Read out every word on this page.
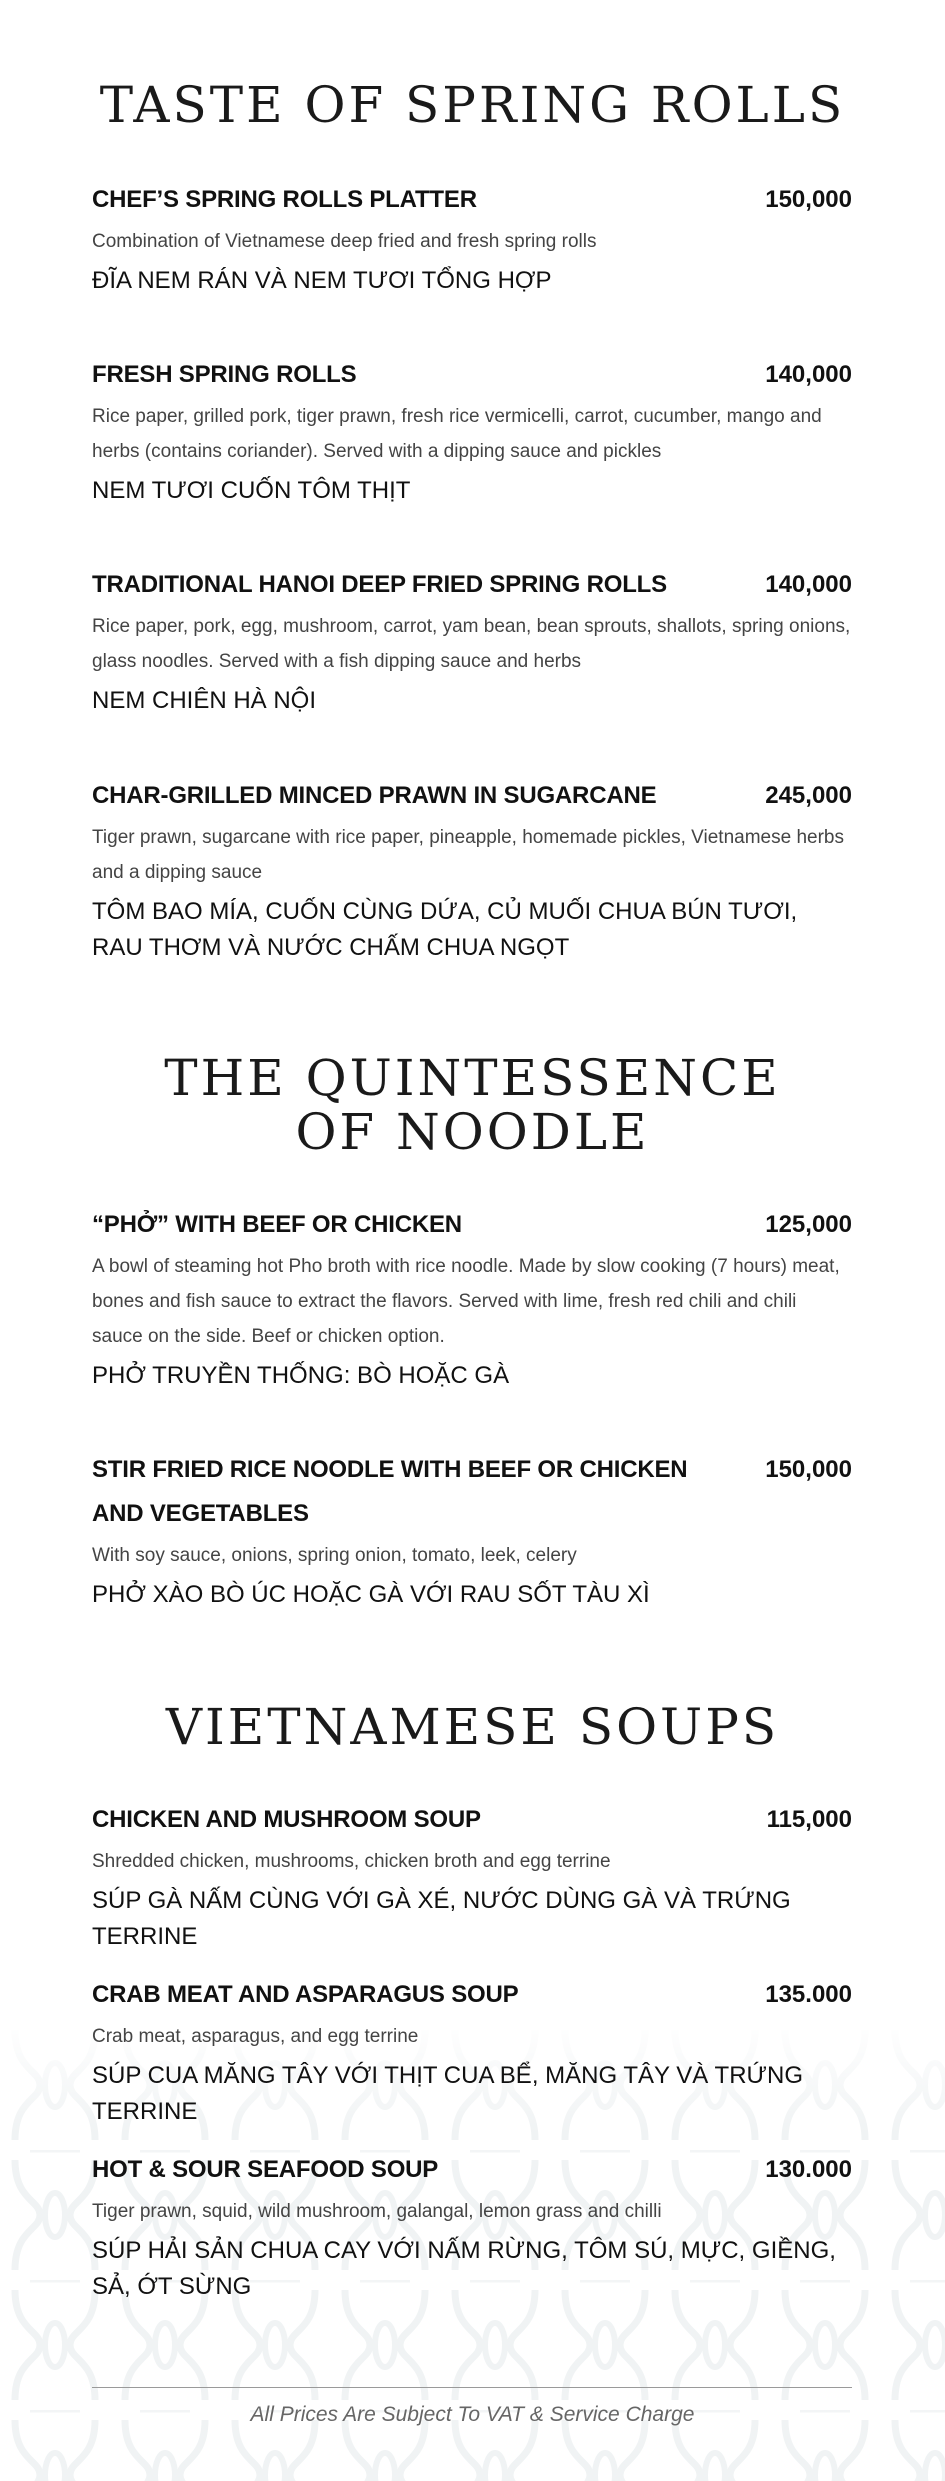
TASTE OF SPRING ROLLS
CHEF’S SPRING ROLLS PLATTER	150,000
Combination of Vietnamese deep fried and fresh spring rolls
ĐĨA NEM RÁN VÀ NEM TƯƠI TỔNG HỢP
FRESH SPRING ROLLS	140,000
Rice paper, grilled pork, tiger prawn, fresh rice vermicelli, carrot, cucumber, mango and herbs (contains coriander). Served with a dipping sauce and pickles
NEM TƯƠI CUỐN TÔM THỊT
TRADITIONAL HANOI DEEP FRIED SPRING ROLLS	140,000
Rice paper, pork, egg, mushroom, carrot, yam bean, bean sprouts, shallots, spring onions, glass noodles. Served with a fish dipping sauce and herbs
NEM CHIÊN HÀ NỘI
CHAR-GRILLED MINCED PRAWN IN SUGARCANE	245,000
Tiger prawn, sugarcane with rice paper, pineapple, homemade pickles, Vietnamese herbs and a dipping sauce
TÔM BAO MÍA, CUỐN CÙNG DỨA, CỦ MUỐI CHUA BÚN TƯƠI, RAU THƠM VÀ NƯỚC CHẤM CHUA NGỌT
THE QUINTESSENCE
OF NOODLE
“PHỞ” WITH BEEF OR CHICKEN	125,000
A bowl of steaming hot Pho broth with rice noodle. Made by slow cooking (7 hours) meat, bones and fish sauce to extract the flavors. Served with lime, fresh red chili and chili sauce on the side. Beef or chicken option.
PHỞ TRUYỀN THỐNG: BÒ HOẶC GÀ
STIR FRIED RICE NOODLE WITH BEEF OR CHICKEN AND VEGETABLES
150,000
With soy sauce, onions, spring onion, tomato, leek, celery
PHỞ XÀO BÒ ÚC HOẶC GÀ VỚI RAU SỐT TÀU XÌ
VIETNAMESE SOUPS
CHICKEN AND MUSHROOM SOUP	115,000
Shredded chicken, mushrooms, chicken broth and egg terrine
SÚP GÀ NẤM CÙNG VỚI GÀ XÉ, NƯỚC DÙNG GÀ VÀ TRỨNG TERRINE
CRAB MEAT AND ASPARAGUS SOUP	135.000
Crab meat, asparagus, and egg terrine
SÚP CUA MĂNG TÂY VỚI THỊT CUA BỂ, MĂNG TÂY VÀ TRỨNG TERRINE
HOT & SOUR SEAFOOD SOUP	130.000
Tiger prawn, squid, wild mushroom, galangal, lemon grass and chilli
SÚP HẢI SẢN CHUA CAY VỚI NẤM RỪNG, TÔM SÚ, MỰC, GIỀNG, SẢ, ỚT SỪNG
All Prices Are Subject To VAT & Service Charge
